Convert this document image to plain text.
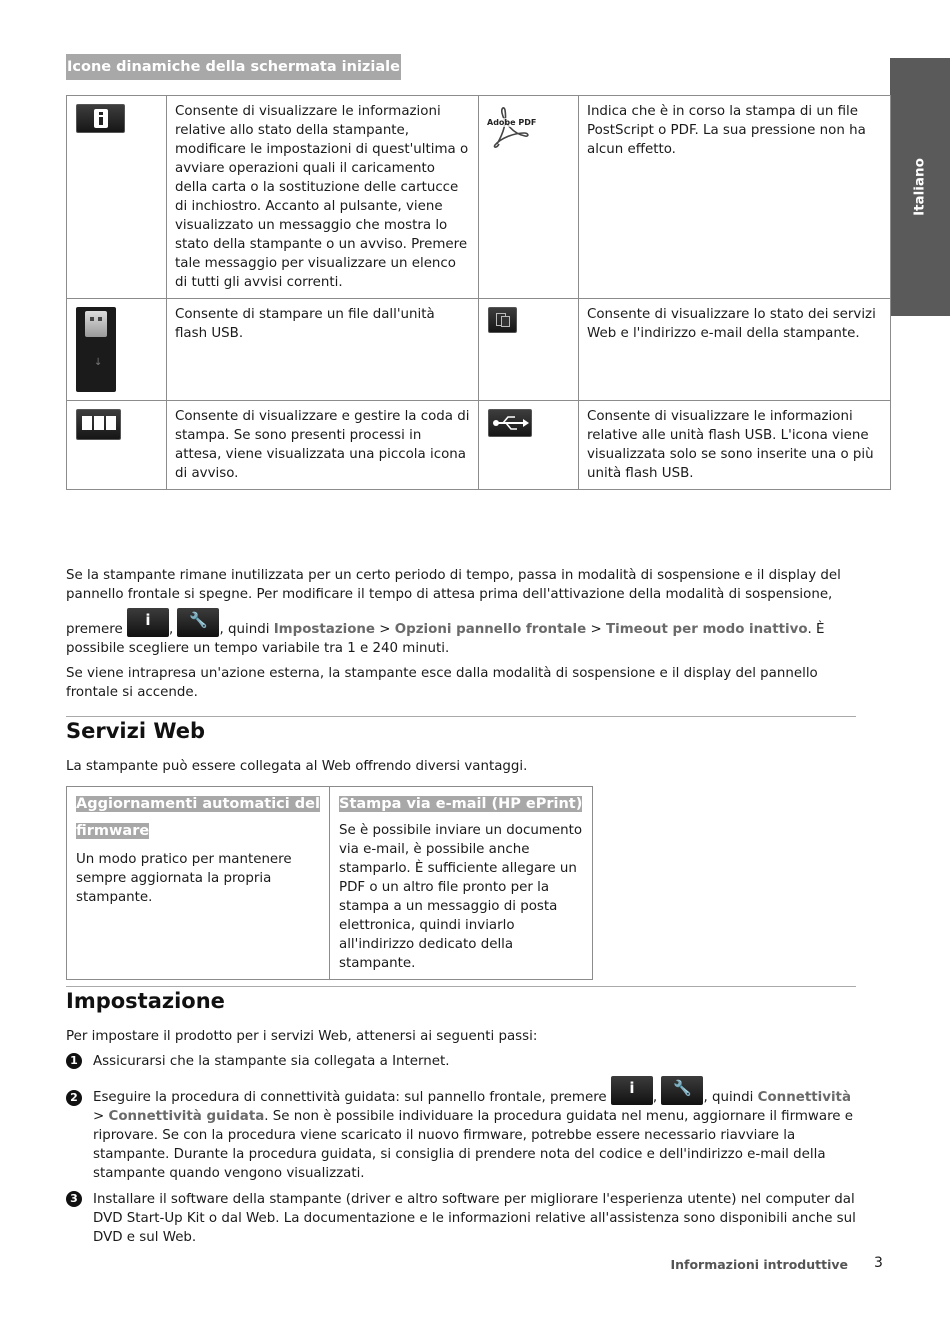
Icone dinamiche della schermata iniziale
Italiano
	Consente di visualizzare le informazioni relative allo stato della stampante, modificare le impostazioni di quest'ultima o avviare operazioni quali il caricamento della carta o la sostituzione delle cartucce di inchiostro. Accanto al pulsante, viene visualizzato un messaggio che mostra lo stato della stampante o un avviso. Premere tale messaggio per visualizzare un elenco di tutti gli avvisi correnti.	Adobe PDF	Indica che è in corso la stampa di un file PostScript o PDF. La sua pressione non ha alcun effetto.

↓	Consente di stampare un file dall'unità flash USB.		Consente di visualizzare lo stato dei servizi Web e l'indirizzo e-mail della stampante.

	Consente di visualizzare e gestire la coda di stampa. Se sono presenti processi in attesa, viene visualizzata una piccola icona di avviso.		Consente di visualizzare le informazioni relative alle unità flash USB. L'icona viene visualizzata solo se sono inserite una o più unità flash USB.

Se la stampante rimane inutilizzata per un certo periodo di tempo, passa in modalità di sospensione e il display del pannello frontale si spegne. Per modificare il tempo di attesa prima dell'attivazione della modalità di sospensione,

premere
i
,
🔧
, quindi Impostazione > Opzioni pannello frontale > Timeout per modo inattivo. È possibile scegliere un tempo variabile tra 1 e 240 minuti.

Se viene intrapresa un'azione esterna, la stampante esce dalla modalità di sospensione e il display del pannello frontale si accende.

Servizi Web
La stampante può essere collegata al Web offrendo diversi vantaggi.
Aggiornamenti automatici del firmware
Un modo pratico per mantenere sempre aggiornata la propria stampante.

Stampa via e-mail (HP ePrint)
Se è possibile inviare un documento via e-mail, è possibile anche stamparlo. È sufficiente allegare un PDF o un altro file pronto per la stampa a un messaggio di posta elettronica, quindi inviarlo all'indirizzo dedicato della stampante.
Impostazione
Per impostare il prodotto per i servizi Web, attenersi ai seguenti passi:
1	Assicurarsi che la stampante sia collegata a Internet.
2	Eseguire la procedura di connettività guidata: sul pannello frontale, premere
i
,
🔧
, quindi Connettività > Connettività guidata. Se non è possibile individuare la procedura guidata nel menu, aggiornare il firmware e riprovare. Se con la procedura viene scaricato il nuovo firmware, potrebbe essere necessario riavviare la stampante. Durante la procedura guidata, si consiglia di prendere nota del codice e dell'indirizzo e-mail della stampante quando vengono visualizzati.
3	Installare il software della stampante (driver e altro software per migliorare l'esperienza utente) nel computer dal DVD Start-Up Kit o dal Web. La documentazione e le informazioni relative all'assistenza sono disponibili anche sul DVD e sul Web.
Informazioni introduttive 3
